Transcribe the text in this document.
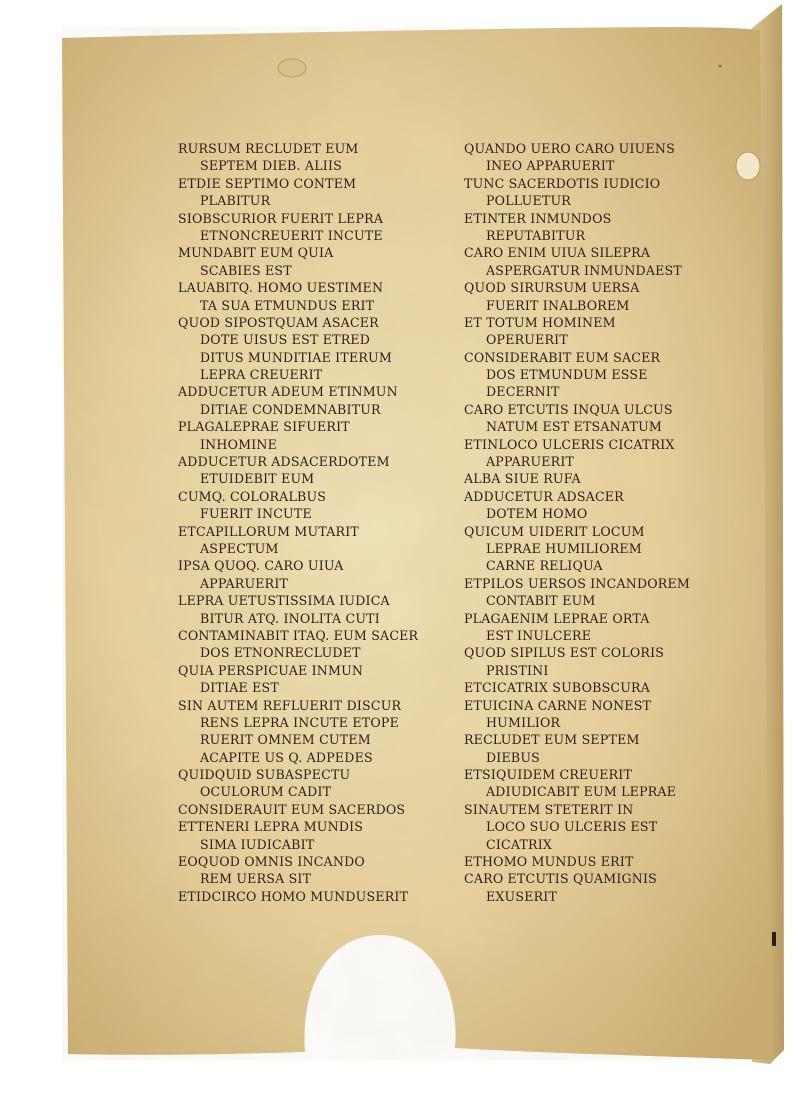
RURSUM RECLUDET EUM
SEPTEM DIEB. ALIIS
ETDIE SEPTIMO CONTEM
PLABITUR
SIOBSCURIOR FUERIT LEPRA
ETNONCREUERIT INCUTE
MUNDABIT EUM QUIA
SCABIES EST
LAUABITQ. HOMO UESTIMEN
TA SUA ETMUNDUS ERIT
QUOD SIPOSTQUAM ASACER
DOTE UISUS EST ETRED
DITUS MUNDITIAE ITERUM
LEPRA CREUERIT
ADDUCETUR ADEUM ETINMUN
DITIAE CONDEMNABITUR
PLAGALEPRAE SIFUERIT
INHOMINE
ADDUCETUR ADSACERDOTEM
ETUIDEBIT EUM
CUMQ. COLORALBUS
FUERIT INCUTE
ETCAPILLORUM MUTARIT
ASPECTUM
IPSA QUOQ. CARO UIUA
APPARUERIT
LEPRA UETUSTISSIMA IUDICA
BITUR ATQ. INOLITA CUTI
CONTAMINABIT ITAQ. EUM SACER
DOS ETNONRECLUDET
QUIA PERSPICUAE INMUN
DITIAE EST
SIN AUTEM REFLUERIT DISCUR
RENS LEPRA INCUTE ETOPE
RUERIT OMNEM CUTEM
ACAPITE US Q. ADPEDES
QUIDQUID SUBASPECTU
OCULORUM CADIT
CONSIDERAUIT EUM SACERDOS
ETTENERI LEPRA MUNDIS
SIMA IUDICABIT
EOQUOD OMNIS INCANDO
REM UERSA SIT
ETIDCIRCO HOMO MUNDUSERIT
QUANDO UERO CARO UIUENS
INEO APPARUERIT
TUNC SACERDOTIS IUDICIO
POLLUETUR
ETINTER INMUNDOS
REPUTABITUR
CARO ENIM UIUA SILEPRA
ASPERGATUR INMUNDAEST
QUOD SIRURSUM UERSA
FUERIT INALBOREM
ET TOTUM HOMINEM
OPERUERIT
CONSIDERABIT EUM SACER
DOS ETMUNDUM ESSE
DECERNIT
CARO ETCUTIS INQUA ULCUS
NATUM EST ETSANATUM
ETINLOCO ULCERIS CICATRIX
APPARUERIT
ALBA SIUE RUFA
ADDUCETUR ADSACER
DOTEM HOMO
QUICUM UIDERIT LOCUM
LEPRAE HUMILIOREM
CARNE RELIQUA
ETPILOS UERSOS INCANDOREM
CONTABIT EUM
PLAGAENIM LEPRAE ORTA
EST INULCERE
QUOD SIPILUS EST COLORIS
PRISTINI
ETCICATRIX SUBOBSCURA
ETUICINA CARNE NONEST
HUMILIOR
RECLUDET EUM SEPTEM
DIEBUS
ETSIQUIDEM CREUERIT
ADIUDICABIT EUM LEPRAE
SINAUTEM STETERIT IN
LOCO SUO ULCERIS EST
CICATRIX
ETHOMO MUNDUS ERIT
CARO ETCUTIS QUAMIGNIS
EXUSERIT
